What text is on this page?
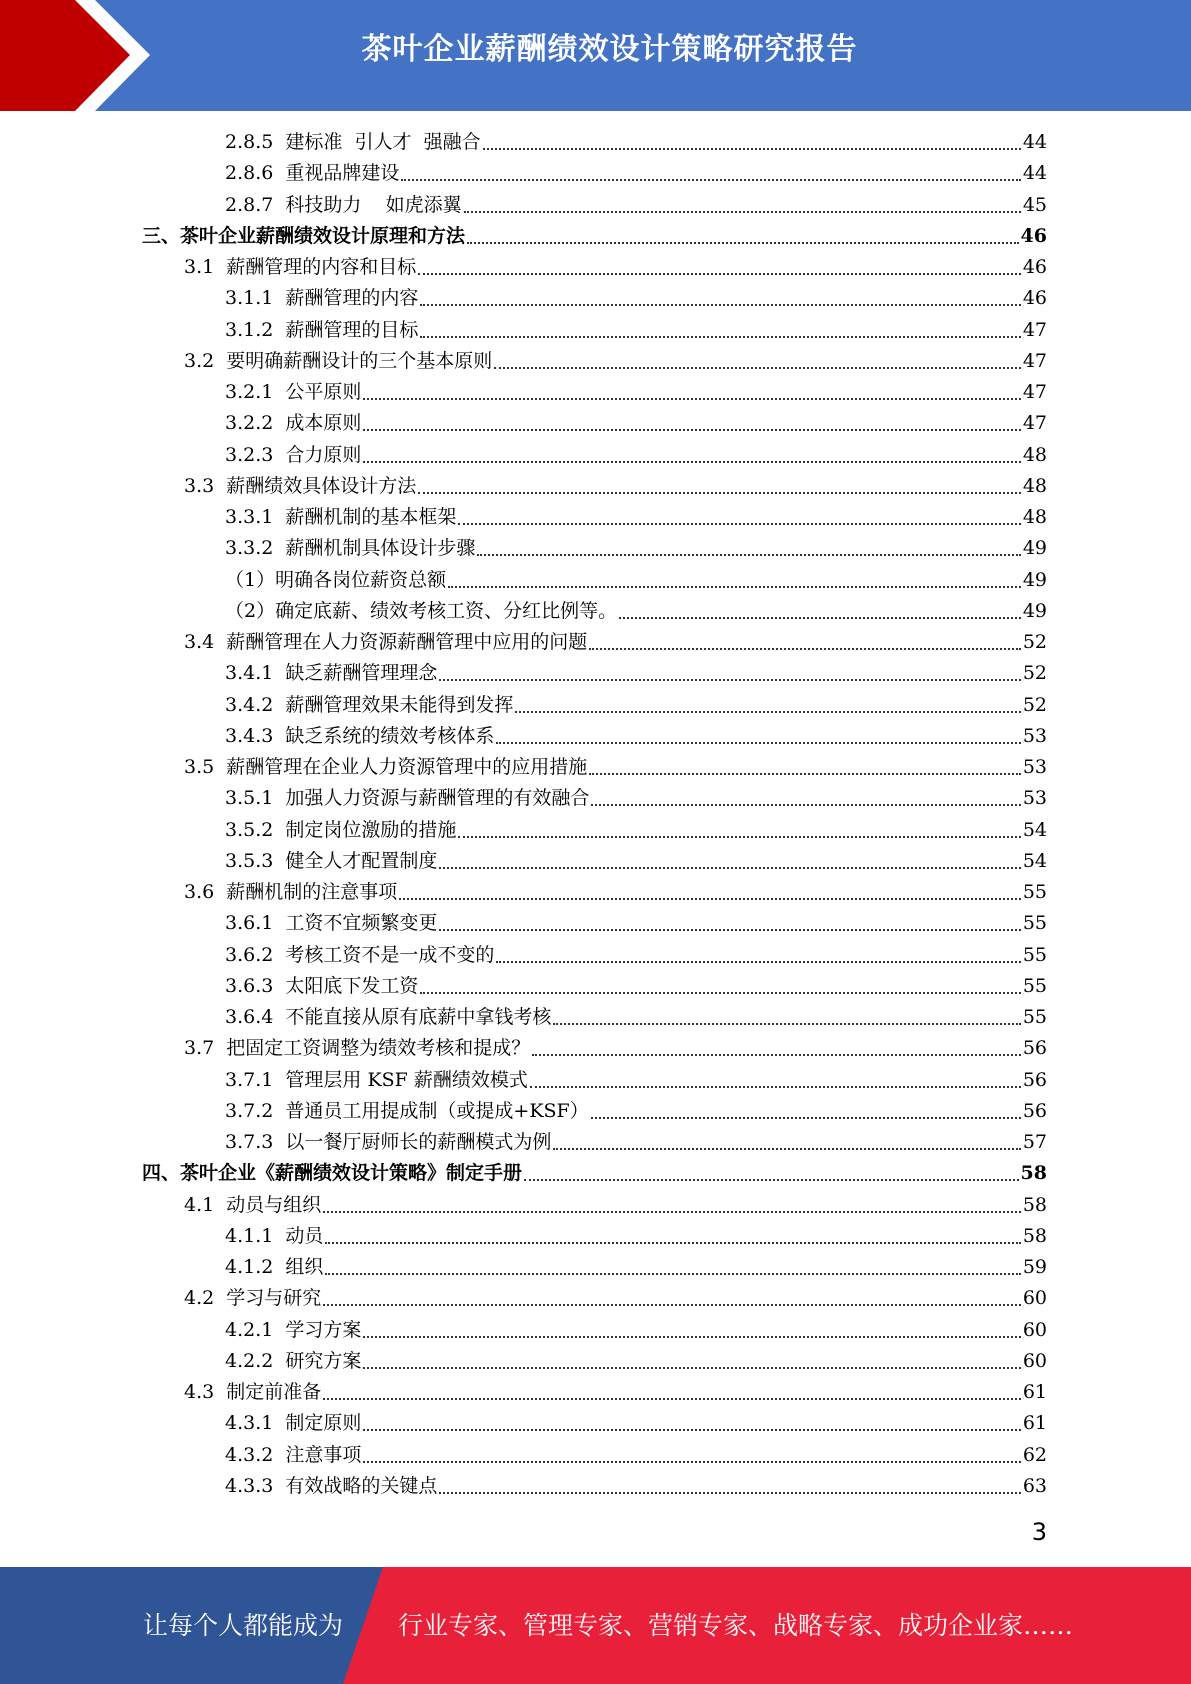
茶叶企业薪酬绩效设计策略研究报告
2.8.5  建标准  引人才  强融合	44
2.8.6  重视品牌建设	44
2.8.7  科技助力    如虎添翼	45
三、茶叶企业薪酬绩效设计原理和方法	46
3.1  薪酬管理的内容和目标	46
3.1.1  薪酬管理的内容	46
3.1.2  薪酬管理的目标	47
3.2  要明确薪酬设计的三个基本原则	47
3.2.1  公平原则	47
3.2.2  成本原则	47
3.2.3  合力原则	48
3.3  薪酬绩效具体设计方法	48
3.3.1  薪酬机制的基本框架	48
3.3.2  薪酬机制具体设计步骤	49
（1）明确各岗位薪资总额	49
（2）确定底薪、绩效考核工资、分红比例等。	49
3.4  薪酬管理在人力资源薪酬管理中应用的问题	52
3.4.1  缺乏薪酬管理理念	52
3.4.2  薪酬管理效果未能得到发挥	52
3.4.3  缺乏系统的绩效考核体系	53
3.5  薪酬管理在企业人力资源管理中的应用措施	53
3.5.1  加强人力资源与薪酬管理的有效融合	53
3.5.2  制定岗位激励的措施	54
3.5.3  健全人才配置制度	54
3.6  薪酬机制的注意事项	55
3.6.1  工资不宜频繁变更	55
3.6.2  考核工资不是一成不变的	55
3.6.3  太阳底下发工资	55
3.6.4  不能直接从原有底薪中拿钱考核	55
3.7  把固定工资调整为绩效考核和提成？	56
3.7.1  管理层用 KSF 薪酬绩效模式	56
3.7.2  普通员工用提成制（或提成+KSF）	56
3.7.3  以一餐厅厨师长的薪酬模式为例	57
四、茶叶企业《薪酬绩效设计策略》制定手册	58
4.1  动员与组织	58
4.1.1  动员	58
4.1.2  组织	59
4.2  学习与研究	60
4.2.1  学习方案	60
4.2.2  研究方案	60
4.3  制定前准备	61
4.3.1  制定原则	61
4.3.2  注意事项	62
4.3.3  有效战略的关键点	63
3
让每个人都能成为 行业专家、管理专家、营销专家、战略专家、成功企业家……
